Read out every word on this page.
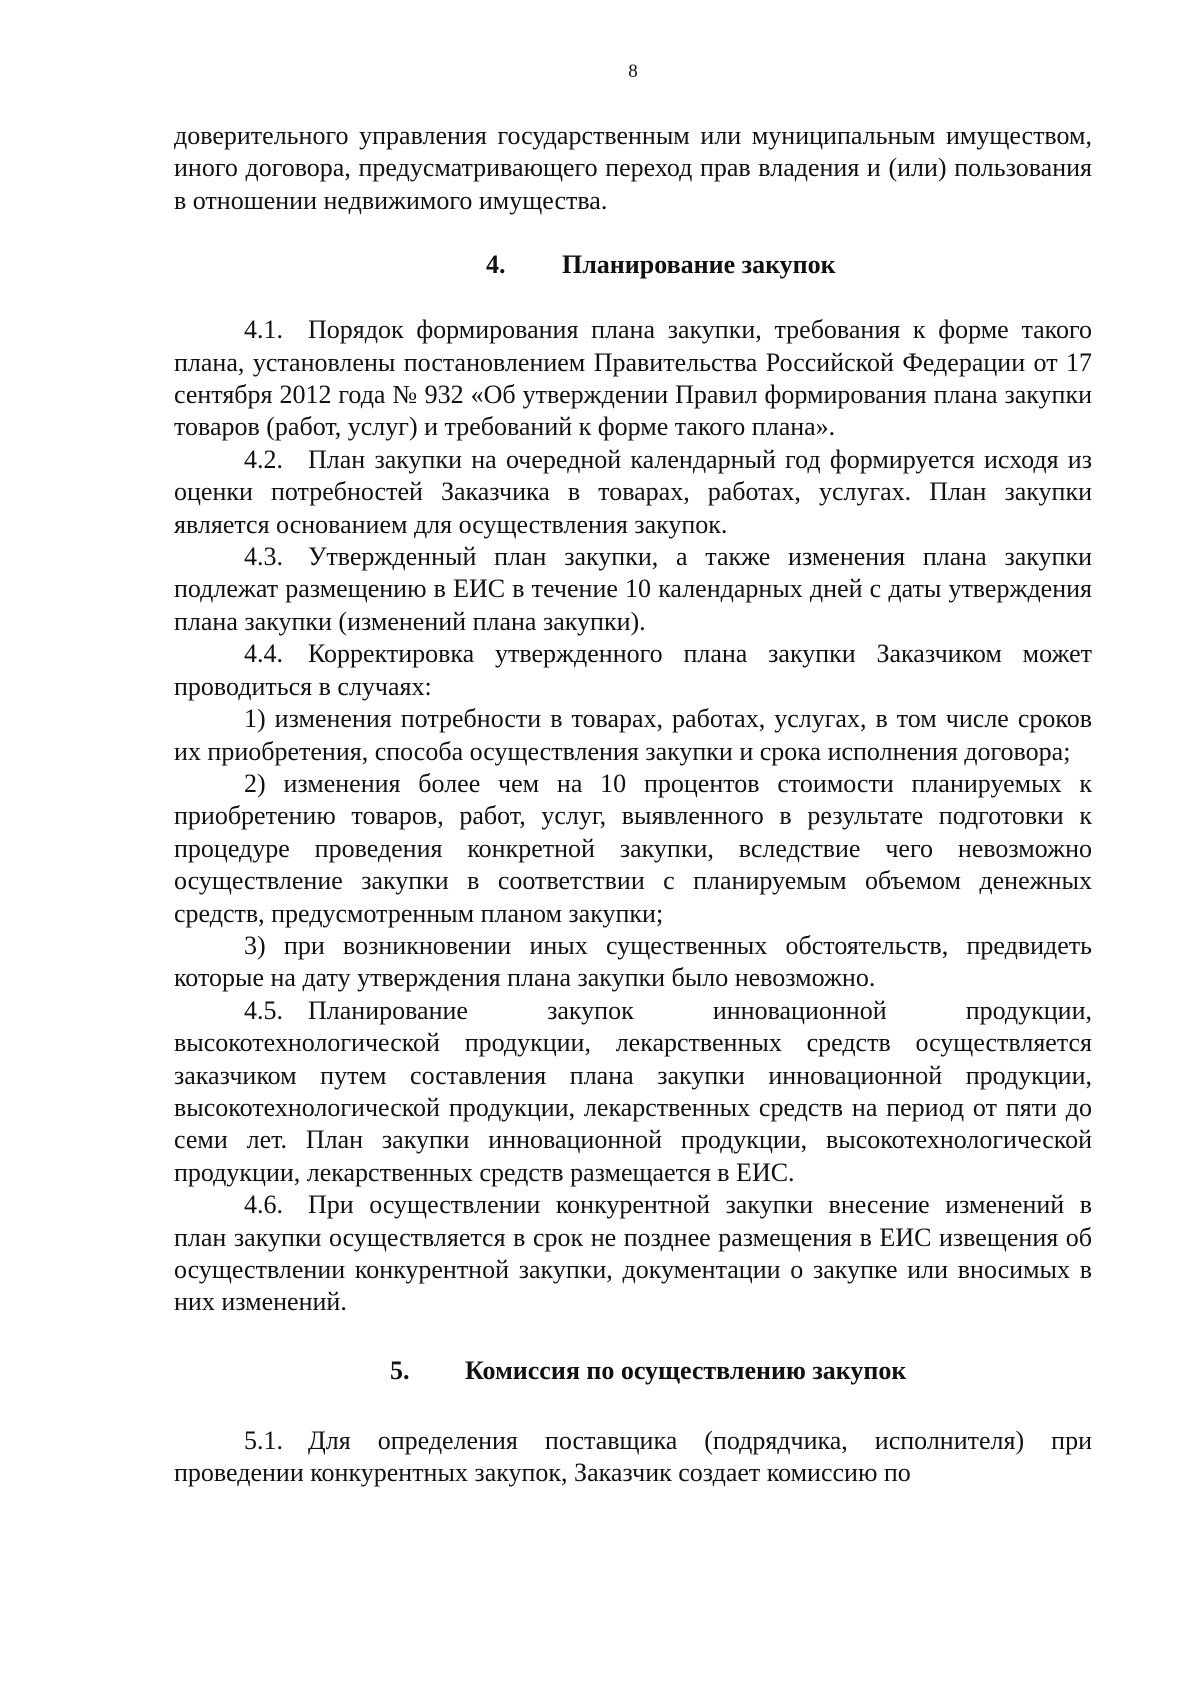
8

доверительного управления государственным или муниципальным имуществом, иного договора, предусматривающего переход прав владения и (или) пользования в отношении недвижимого имущества.

4. Планирование закупок

4.1. Порядок формирования плана закупки, требования к форме такого плана, установлены постановлением Правительства Российской Федерации от 17 сентября 2012 года № 932 «Об утверждении Правил формирования плана закупки товаров (работ, услуг) и требований к форме такого плана».

4.2. План закупки на очередной календарный год формируется исходя из оценки потребностей Заказчика в товарах, работах, услугах. План закупки является основанием для осуществления закупок.

4.3. Утвержденный план закупки, а также изменения плана закупки подлежат размещению в ЕИС в течение 10 календарных дней с даты утверждения плана закупки (изменений плана закупки).

4.4. Корректировка утвержденного плана закупки Заказчиком может проводиться в случаях:

1) изменения потребности в товарах, работах, услугах, в том числе сроков их приобретения, способа осуществления закупки и срока исполнения договора;

2) изменения более чем на 10 процентов стоимости планируемых к приобретению товаров, работ, услуг, выявленного в результате подготовки к процедуре проведения конкретной закупки, вследствие чего невозможно осуществление закупки в соответствии с планируемым объемом денежных средств, предусмотренным планом закупки;

3) при возникновении иных существенных обстоятельств, предвидеть которые на дату утверждения плана закупки было невозможно.

4.5. Планирование закупок инновационной продукции, высокотехнологической продукции, лекарственных средств осуществляется заказчиком путем составления плана закупки инновационной продукции, высокотехнологической продукции, лекарственных средств на период от пяти до семи лет. План закупки инновационной продукции, высокотехнологической продукции, лекарственных средств размещается в ЕИС.

4.6. При осуществлении конкурентной закупки внесение изменений в план закупки осуществляется в срок не позднее размещения в ЕИС извещения об осуществлении конкурентной закупки, документации о закупке или вносимых в них изменений.

5. Комиссия по осуществлению закупок

5.1. Для определения поставщика (подрядчика, исполнителя) при проведении конкурентных закупок, Заказчик создает комиссию по
